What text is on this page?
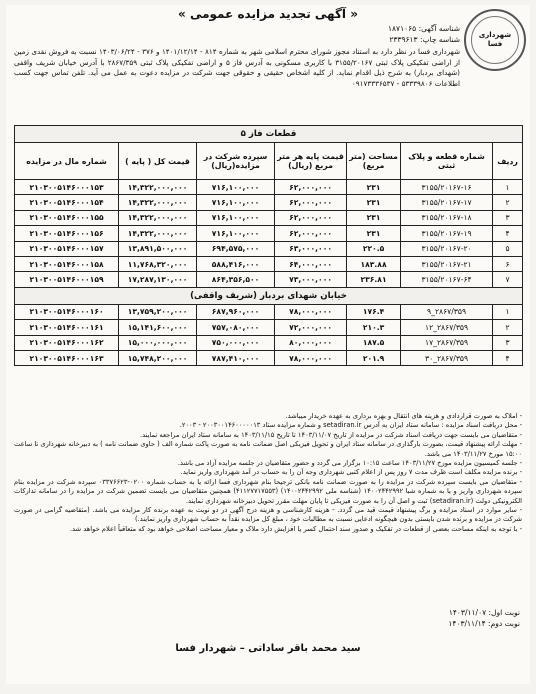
« آگهی تجدید مزایده عمومی »
شهرداری فسا
شناسه آگهی: ۱۸۷۱۰۶۵
شناسه چاپ: ۲۳۳۹۶۱۳
شهرداری فسا در نظر دارد به استناد مجوز شورای محترم اسلامی شهر به شماره ۸۱۴ - ۱۴۰۱/۱۲/۱۴ و ۳۷۶ - ۱۴۰۳/۰۶/۲۴ نسبت به فروش نقدی زمین از اراضی تفکیکی پلاک ثبتی ۳۱۵۵/۲۰۱۶۷ با کاربری مسکونی به آدرس فاز ۵ و اراضی تفکیکی پلاک ثبتی ۲۸۶۷/۳۵۹ با آدرس خیابان شریف واقفی (شهدای بردبار) به شرح ذیل اقدام نماید. از کلیه اشخاص حقیقی و حقوقی جهت شرکت در مزایده دعوت به عمل می آید. تلفن تماس جهت کسب اطلاعات ۵۳۳۳۹۸۰۶ - ۰۹۱۷۳۳۳۶۵۳۷
قطعات فاز ۵						
ردیف	شماره قطعه و پلاک ثبتی	مساحت (متر مربع)	قیمت پایه هر متر مربع (ریال)	سپرده شرکت در مزایده(ریال)	قیمت کل ( پایه )	شماره مال در مزایده
۱	۳۱۵۵/۲۰۱۶۷-۱۶	۲۳۱	۶۲,۰۰۰,۰۰۰	۷۱۶,۱۰۰,۰۰۰	۱۴,۳۲۲,۰۰۰,۰۰۰	۲۱۰۳۰۰۵۱۴۶۰۰۰۱۵۳
۲	۳۱۵۵/۲۰۱۶۷-۱۷	۲۳۱	۶۲,۰۰۰,۰۰۰	۷۱۶,۱۰۰,۰۰۰	۱۴,۳۲۲,۰۰۰,۰۰۰	۲۱۰۳۰۰۵۱۴۶۰۰۰۱۵۴
۳	۳۱۵۵/۲۰۱۶۷-۱۸	۲۳۱	۶۲,۰۰۰,۰۰۰	۷۱۶,۱۰۰,۰۰۰	۱۴,۳۲۲,۰۰۰,۰۰۰	۲۱۰۳۰۰۵۱۴۶۰۰۰۱۵۵
۴	۳۱۵۵/۲۰۱۶۷-۱۹	۲۳۱	۶۲,۰۰۰,۰۰۰	۷۱۶,۱۰۰,۰۰۰	۱۴,۳۲۲,۰۰۰,۰۰۰	۲۱۰۳۰۰۵۱۴۶۰۰۰۱۵۶
۵	۳۱۵۵/۲۰۱۶۷-۲۰	۲۲۰.۵	۶۳,۰۰۰,۰۰۰	۶۹۴,۵۷۵,۰۰۰	۱۳,۸۹۱,۵۰۰,۰۰۰	۲۱۰۳۰۰۵۱۴۶۰۰۰۱۵۷
۶	۳۱۵۵/۲۰۱۶۷-۲۱	۱۸۳.۸۸	۶۴,۰۰۰,۰۰۰	۵۸۸,۴۱۶,۰۰۰	۱۱,۷۶۸,۳۲۰,۰۰۰	۲۱۰۳۰۰۵۱۴۶۰۰۰۱۵۸
۷	۳۱۵۵/۲۰۱۶۷-۶۴	۲۳۶.۸۱	۷۳,۰۰۰,۰۰۰	۸۶۴,۳۵۶,۵۰۰	۱۷,۲۸۷,۱۳۰,۰۰۰	۲۱۰۳۰۰۵۱۴۶۰۰۰۱۵۹
خیابان شهدای بردبار (شریف واقفی)						
۱	۲۸۶۷/۳۵۹_۹	۱۷۶.۴	۷۸,۰۰۰,۰۰۰	۶۸۷,۹۶۰,۰۰۰	۱۳,۷۵۹,۲۰۰,۰۰۰	۲۱۰۳۰۰۵۱۴۶۰۰۰۱۶۰
۲	۲۸۶۷/۳۵۹_۱۲	۲۱۰.۳	۷۲,۰۰۰,۰۰۰	۷۵۷,۰۸۰,۰۰۰	۱۵,۱۴۱,۶۰۰,۰۰۰	۲۱۰۳۰۰۵۱۴۶۰۰۰۱۶۱
۳	۲۸۶۷/۳۵۹_۱۷	۱۸۷.۵	۸۰,۰۰۰,۰۰۰	۷۵۰,۰۰۰,۰۰۰	۱۵,۰۰۰,۰۰۰,۰۰۰	۲۱۰۳۰۰۵۱۴۶۰۰۰۱۶۲
۴	۲۸۶۷/۳۵۹_۳۰	۲۰۱.۹	۷۸,۰۰۰,۰۰۰	۷۸۷,۴۱۰,۰۰۰	۱۵,۷۴۸,۲۰۰,۰۰۰	۲۱۰۳۰۰۵۱۴۶۰۰۰۱۶۳

- املاک به صورت قراردادی و هزینه های انتقال و بهره برداری به عهده خریدار میباشد.

- محل دریافت اسناد مزایده : سامانه ستاد ایران به آدرس setadiran.ir و شماره مزایده ستاد ۲۰۰۳۰۰۱۴۶۰۰۰۰۰۱۳ - ۲۰۰۳.

- متقاضیان می بایست جهت دریافت اسناد شرکت در مزایده از تاریخ ۱۴۰۳/۱۱/۰۷ تا تاریخ ۱۴۰۳/۱۱/۱۵ به سامانه ستاد ایران مراجعه نمایند.

- مهلت ارائه پیشنهاد قیمت، بصورت بارگذاری در سامانه ستاد ایران و تحویل فیزیکی اصل ضمانت نامه به صورت پاکت شماره الف ( حاوی ضمانت نامه ) به دبیرخانه شهرداری تا ساعت ۱۵:۰۰ مورخ ۱۴۰۳/۱۱/۲۷ می باشد.

- جلسه کمیسیون مزایده مورخ ۱۴۰۳/۱۱/۲۷ ساعت ۱۰:۱۵ برگزار می گردد و حضور متقاضیان در جلسه مزایده آزاد می باشد.

- برنده مزایده مکلف است ظرف مدت ۷ روز پس از اعلام کتبی شهرداری وجه آن را به حساب در آمد شهرداری واریز نماید.

- متقاضیان می بایست سپرده شرکت در مزایده را به صورت ضمانت نامه بانکی ترجیحا بنام شهرداری فسا ارائه یا به حساب شماره ۰۲۰۰-۰۳۳۷۶۶۲۳ سپرده شرکت در مزایده بنام سپرده شهرداری واریز و یا به شماره شبا ۱۴۰۰۲۴۴۲۹۹۲ (شناسه ملی ۱۴۰۰۲۴۴۲۹۹۲) (۴۱۱۲۷۷۱۷۵۵۳) همچنین متقاضیان می بایست تضمین شرکت در مزایده را در سامانه تدارکات الکترونیکی دولت (setadiran.ir) ثبت و اصل آن را به صورت فیزیکی تا پایان مهلت مقرر تحویل دبیرخانه شهرداری نمایند.

- سایر موارد در اسناد مزایده و برگ پیشنهاد قیمت قید می گردد. - هزینه کارشناسی و هزینه درج آگهی در دو نوبت به عهده برنده کار مزایده می باشد. (متقاضیه گرامی در صورت شرکت در مزایده و برنده شدن بایستی بدون هیچگونه ادعایی نسبت به مطالبات خود ، مبلغ کل مزایده نقداً به حساب شهرداری واریز نمایند.)

- با توجه به اینکه مساحت بعضی از قطعات در تفکیک و صدور سند احتمال کسر یا افزایش دارد ملاک و معیار مساحت اصلاحی خواهد بود که متعاقباً اعلام خواهد شد.

نوبت اول: ۱۴۰۳/۱۱/۰۷
نوبت دوم: ۱۴۰۳/۱۱/۱۴
سید محمد باقر ساداتی – شهردار فسا
